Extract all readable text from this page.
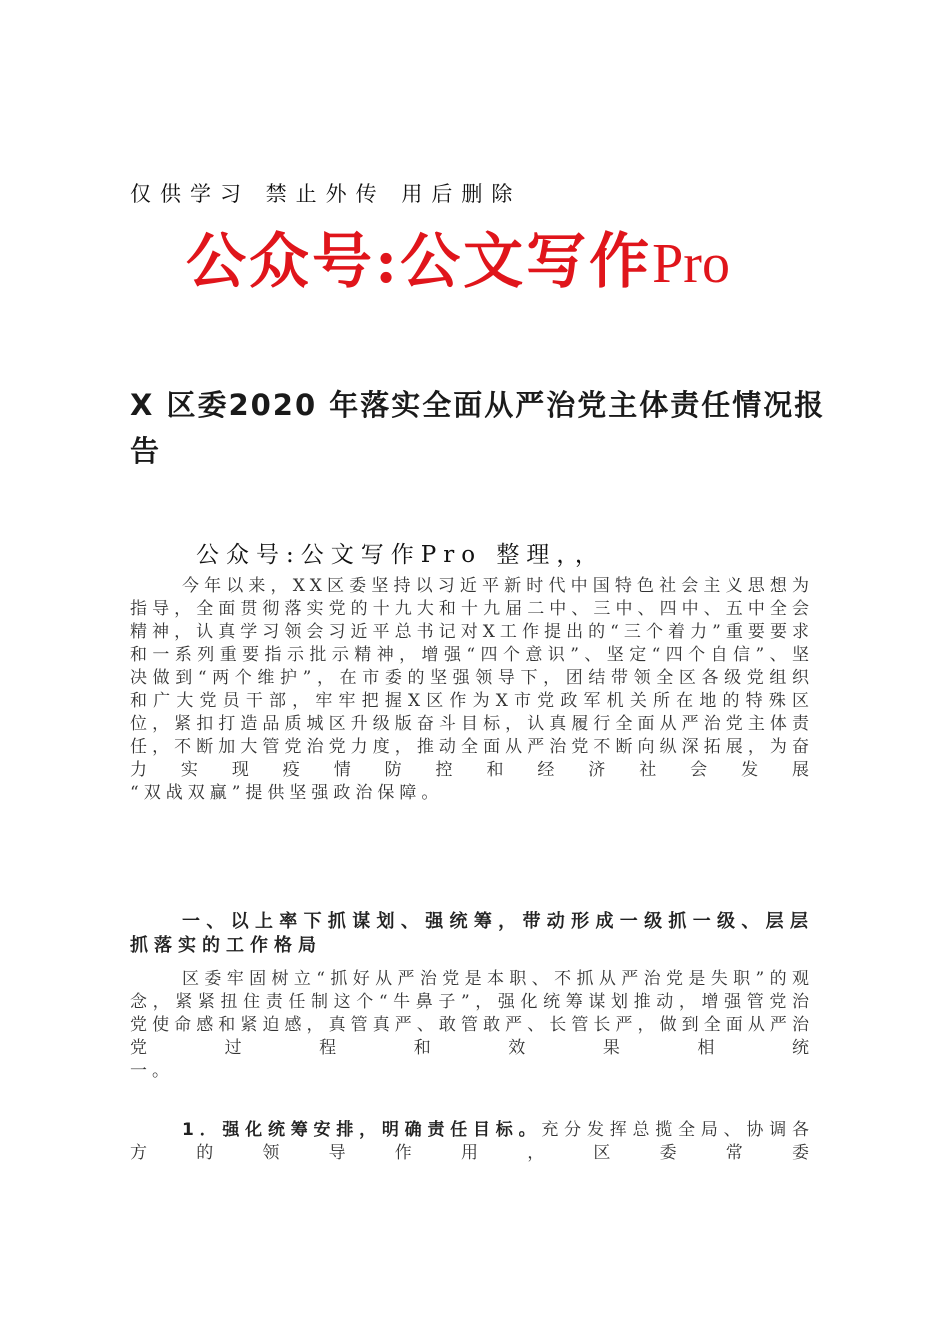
仅供学习 禁止外传 用后删除
公众号:公文写作Pro
X 区委2020 年落实全面从严治党主体责任情况报告
公众号:公文写作Pro 整理，，
今年以来，XX区委坚持以习近平新时代中国特色社会主义思想为指导，全面贯彻落实党的十九大和十九届二中、三中、四中、五中全会精神，认真学习领会习近平总书记对X工作提出的“三个着力”重要要求和一系列重要指示批示精神，增强“四个意识”、坚定“四个自信”、坚决做到“两个维护”，在市委的坚强领导下，团结带领全区各级党组织和广大党员干部，牢牢把握X区作为X市党政军机关所在地的特殊区位，紧扣打造品质城区升级版奋斗目标，认真履行全面从严治党主体责任，不断加大管党治党力度，推动全面从严治党不断向纵深拓展，为奋力实现疫情防控和经济社会发展
“双战双赢”提供坚强政治保障。
一、以上率下抓谋划、强统筹，带动形成一级抓一级、层层抓落实的工作格局
区委牢固树立“抓好从严治党是本职、不抓从严治党是失职”的观念，紧紧扭住责任制这个“牛鼻子”，强化统筹谋划推动，增强管党治党使命感和紧迫感，真管真严、敢管敢严、长管长严，做到全面从严治党过程和效果相统
一。
1．强化统筹安排，明确责任目标。充分发挥总揽全局、协调各方的领导作用，区委常委
